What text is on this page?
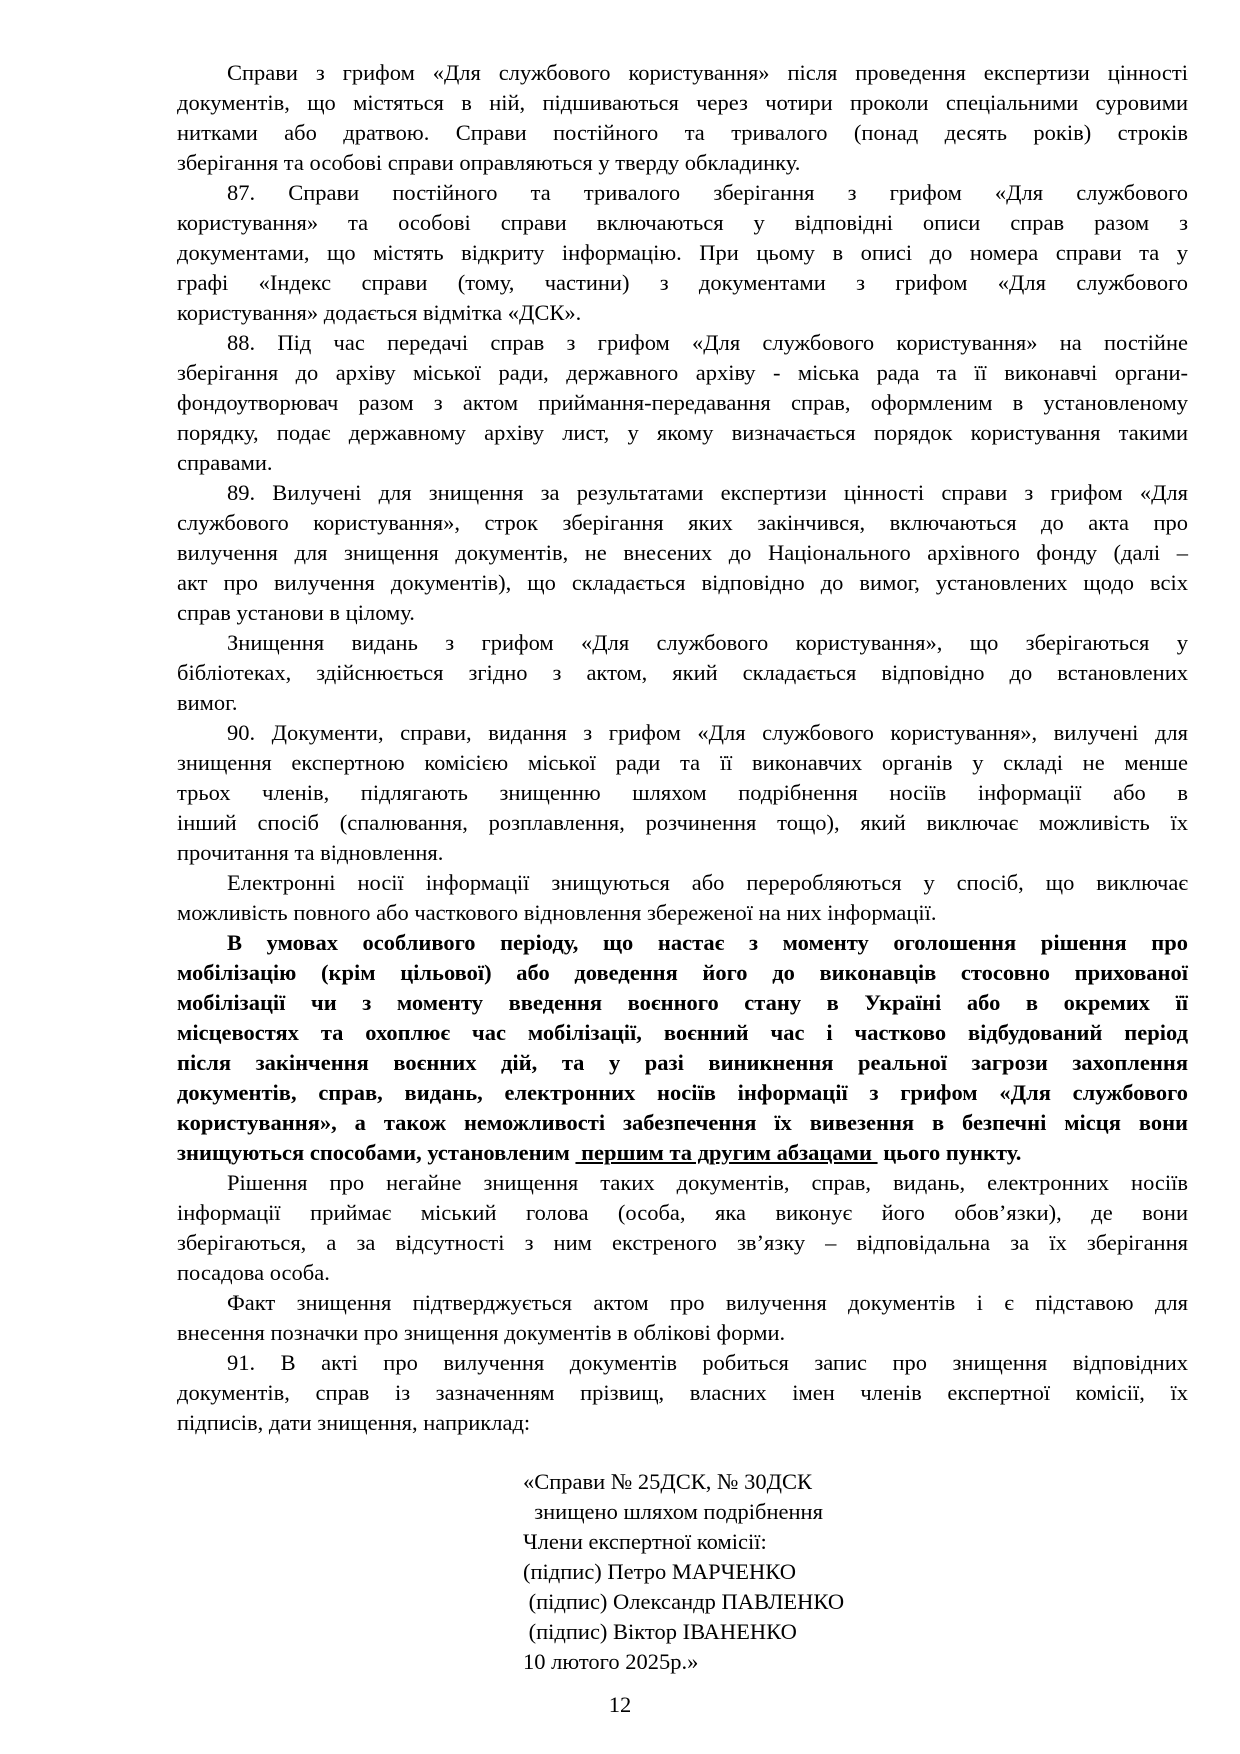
Справи з грифом «Для службового користування» після проведення експертизи цінності
документів, що містяться в ній, підшиваються через чотири проколи спеціальними суровими
нитками або дратвою. Справи постійного та тривалого (понад десять років) строків
зберігання та особові справи оправляються у тверду обкладинку.
87. Справи постійного та тривалого зберігання з грифом «Для службового
користування» та особові справи включаються у відповідні описи справ разом з
документами, що містять відкриту інформацію. При цьому в описі до номера справи та у
графі «Індекс справи (тому, частини) з документами з грифом «Для службового
користування» додається відмітка «ДСК».
88. Під час передачі справ з грифом «Для службового користування» на постійне
зберігання до архіву міської ради, державного архіву - міська рада та її виконавчі органи-
фондоутворювач разом з актом приймання-передавання справ, оформленим в установленому
порядку, подає державному архіву лист, у якому визначається порядок користування такими
справами.
89. Вилучені для знищення за результатами експертизи цінності справи з грифом «Для
службового користування», строк зберігання яких закінчився, включаються до акта про
вилучення для знищення документів, не внесених до Національного архівного фонду (далі –
акт про вилучення документів), що складається відповідно до вимог, установлених щодо всіх
справ установи в цілому.
Знищення видань з грифом «Для службового користування», що зберігаються у
бібліотеках, здійснюється згідно з актом, який складається відповідно до встановлених
вимог.
90. Документи, справи, видання з грифом «Для службового користування», вилучені для
знищення експертною комісією міської ради та її виконавчих органів у складі не менше
трьох членів, підлягають знищенню шляхом подрібнення носіїв інформації або в
інший спосіб (спалювання, розплавлення, розчинення тощо), який виключає можливість їх
прочитання та відновлення.
Електронні носії інформації знищуються або переробляються у спосіб, що виключає
можливість повного або часткового відновлення збереженої на них інформації.
В умовах особливого періоду, що настає з моменту оголошення рішення про
мобілізацію (крім цільової) або доведення його до виконавців стосовно прихованої
мобілізації чи з моменту введення воєнного стану в Україні або в окремих її
місцевостях та охоплює час мобілізації, воєнний час і частково відбудований період
після закінчення воєнних дій, та у разі виникнення реальної загрози захоплення
документів, справ, видань, електронних носіїв інформації з грифом «Для службового
користування», а також неможливості забезпечення їх вивезення в безпечні місця вони
знищуються способами, установленим  першим та другим абзацами  цього пункту.
Рішення про негайне знищення таких документів, справ, видань, електронних носіїв
інформації приймає міський голова (особа, яка виконує його обов’язки), де вони
зберігаються, а за відсутності з ним екстреного зв’язку – відповідальна за їх зберігання
посадова особа.
Факт знищення підтверджується актом про вилучення документів і є підставою для
внесення позначки про знищення документів в облікові форми.
91. В акті про вилучення документів робиться запис про знищення відповідних
документів, справ із зазначенням прізвищ, власних імен членів експертної комісії, їх
підписів, дати знищення, наприклад:
«Справи № 25ДСК, № 30ДСК
знищено шляхом подрібнення
Члени експертної комісії:
(підпис) Петро МАРЧЕНКО
(підпис) Олександр ПАВЛЕНКО
(підпис) Віктор ІВАНЕНКО
10 лютого 2025р.»
12
